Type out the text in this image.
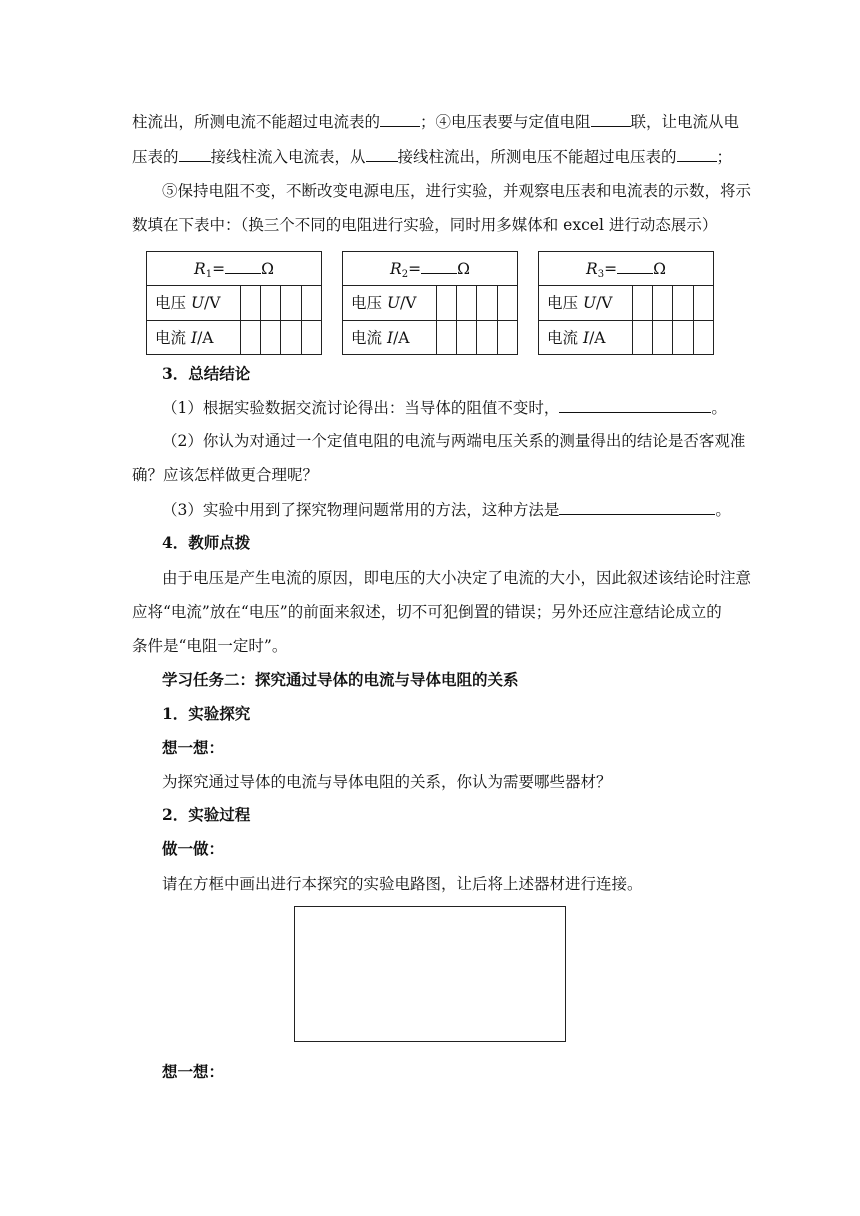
柱流出，所测电流不能超过电流表的	；④电压表要与定值电阻	联，让电流从电
压表的 接线柱流入电流表，从 接线柱流出，所测电压不能超过电压表的	；
⑤保持电阻不变，不断改变电源电压，进行实验，并观察电压表和电流表的示数，将示
数填在下表中：（换三个不同的电阻进行实验，同时用多媒体和 excel 进行动态展示）
$R_1= \Omega$
电压 U/V
电流 I/A
$R_2= \Omega$
电压 U/V
电流 I/A
$R_3= \Omega$
电压 U/V
电流 I/A
3．总结结论
（1）根据实验数据交流讨论得出：当导体的阻值不变时，	。
（2）你认为对通过一个定值电阻的电流与两端电压关系的测量得出的结论是否客观准
确？应该怎样做更合理呢？
（3）实验中用到了探究物理问题常用的方法，这种方法是	。
4．教师点拨
由于电压是产生电流的原因，即电压的大小决定了电流的大小，因此叙述该结论时注意
应将“电流”放在“电压”的前面来叙述，切不可犯倒置的错误；另外还应注意结论成立的
条件是“电阻一定时”。
学习任务二：探究通过导体的电流与导体电阻的关系
1．实验探究
想一想：
为探究通过导体的电流与导体电阻的关系，你认为需要哪些器材？
2．实验过程
做一做：
请在方框中画出进行本探究的实验电路图，让后将上述器材进行连接。
想一想：
